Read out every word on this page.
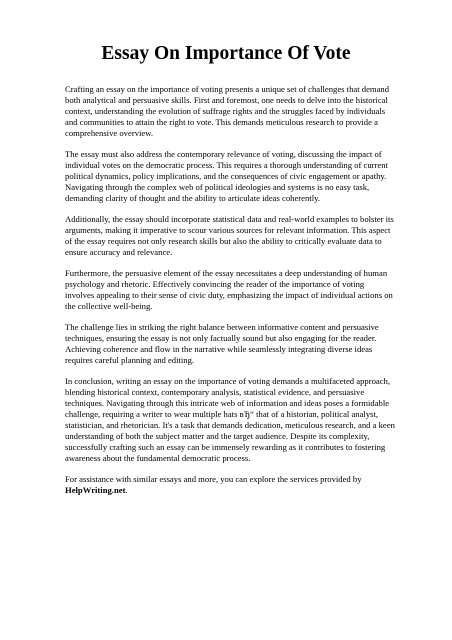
Essay On Importance Of Vote

Crafting an essay on the importance of voting presents a unique set of challenges that demand both analytical and persuasive skills. First and foremost, one needs to delve into the historical context, understanding the evolution of suffrage rights and the struggles faced by individuals and communities to attain the right to vote. This demands meticulous research to provide a comprehensive overview.

The essay must also address the contemporary relevance of voting, discussing the impact of individual votes on the democratic process. This requires a thorough understanding of current political dynamics, policy implications, and the consequences of civic engagement or apathy. Navigating through the complex web of political ideologies and systems is no easy task, demanding clarity of thought and the ability to articulate ideas coherently.

Additionally, the essay should incorporate statistical data and real-world examples to bolster its arguments, making it imperative to scour various sources for relevant information. This aspect of the essay requires not only research skills but also the ability to critically evaluate data to ensure accuracy and relevance.

Furthermore, the persuasive element of the essay necessitates a deep understanding of human psychology and rhetoric. Effectively convincing the reader of the importance of voting involves appealing to their sense of civic duty, emphasizing the impact of individual actions on the collective well-being.

The challenge lies in striking the right balance between informative content and persuasive techniques, ensuring the essay is not only factually sound but also engaging for the reader. Achieving coherence and flow in the narrative while seamlessly integrating diverse ideas requires careful planning and editing.

In conclusion, writing an essay on the importance of voting demands a multifaceted approach, blending historical context, contemporary analysis, statistical evidence, and persuasive techniques. Navigating through this intricate web of information and ideas poses a formidable challenge, requiring a writer to wear multiple hats вЂ“ that of a historian, political analyst, statistician, and rhetorician. It's a task that demands dedication, meticulous research, and a keen understanding of both the subject matter and the target audience. Despite its complexity, successfully crafting such an essay can be immensely rewarding as it contributes to fostering awareness about the fundamental democratic process.

For assistance with similar essays and more, you can explore the services provided by HelpWriting.net.
